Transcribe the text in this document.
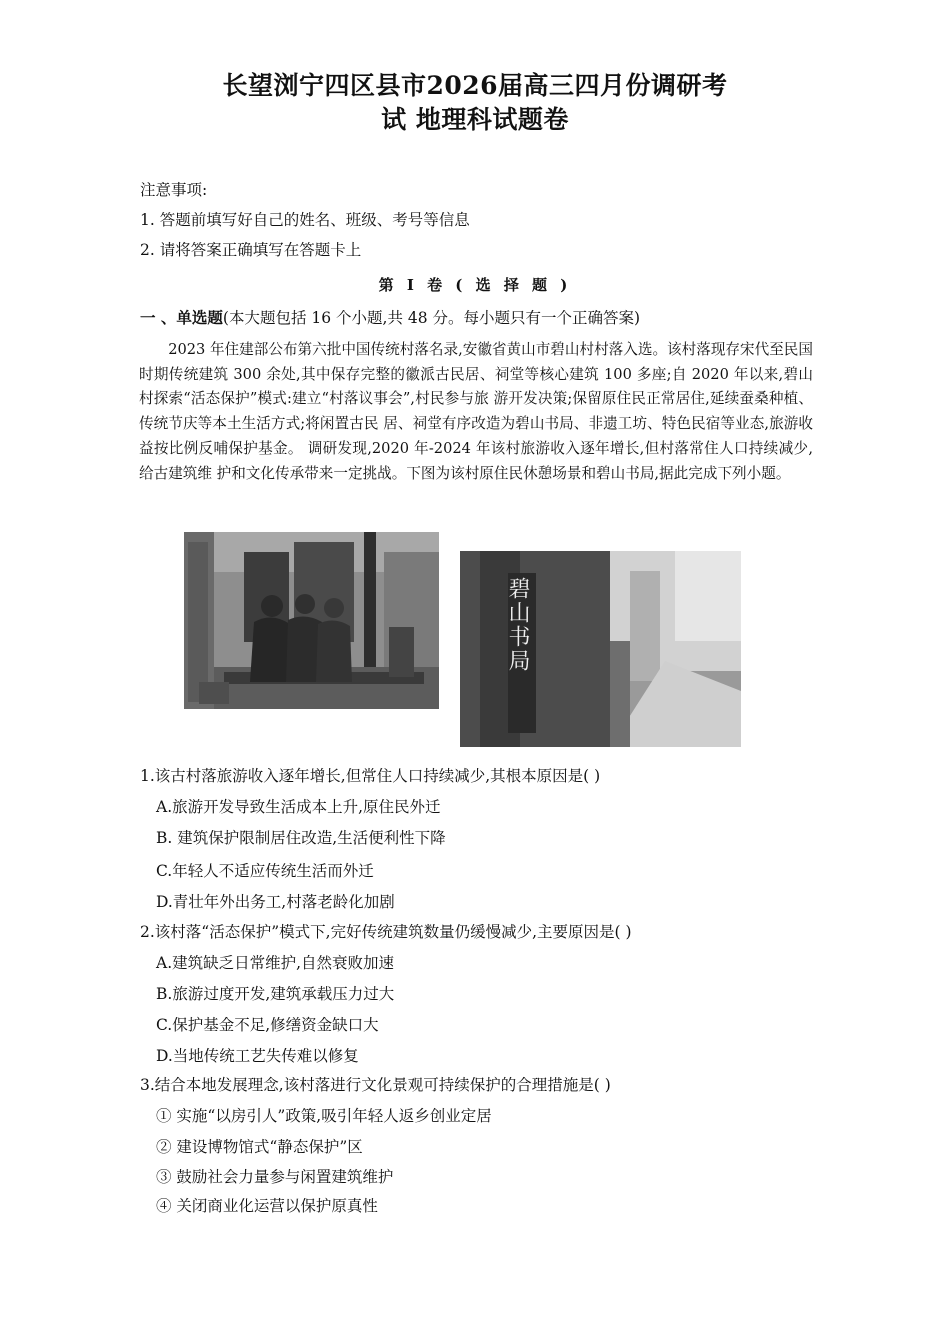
长望浏宁四区县市2026届高三四月份调研考
试 地理科试题卷
注意事项:
1. 答题前填写好自己的姓名、班级、考号等信息
2. 请将答案正确填写在答题卡上
第 I 卷 ( 选 择 题 )
一 、单选题(本大题包括 16 个小题,共 48 分。每小题只有一个正确答案)
2023 年住建部公布第六批中国传统村落名录,安徽省黄山市碧山村村落入选。该村落现存宋代至民国时期传统建筑 300 余处,其中保存完整的徽派古民居、祠堂等核心建筑 100 多座;自 2020 年以来,碧山村探索“活态保护”模式:建立“村落议事会”,村民参与旅 游开发决策;保留原住民正常居住,延续蚕桑种植、传统节庆等本土生活方式;将闲置古民 居、祠堂有序改造为碧山书局、非遗工坊、特色民宿等业态,旅游收益按比例反哺保护基金。 调研发现,2020 年-2024 年该村旅游收入逐年增长,但村落常住人口持续减少,给古建筑维 护和文化传承带来一定挑战。下图为该村原住民休憩场景和碧山书局,据此完成下列小题。
碧山书局
1.该古村落旅游收入逐年增长,但常住人口持续减少,其根本原因是( )
A.旅游开发导致生活成本上升,原住民外迁
B. 建筑保护限制居住改造,生活便利性下降
C.年轻人不适应传统生活而外迁
D.青壮年外出务工,村落老龄化加剧
2.该村落“活态保护”模式下,完好传统建筑数量仍缓慢减少,主要原因是( )
A.建筑缺乏日常维护,自然衰败加速
B.旅游过度开发,建筑承载压力过大
C.保护基金不足,修缮资金缺口大
D.当地传统工艺失传难以修复
3.结合本地发展理念,该村落进行文化景观可持续保护的合理措施是( )
① 实施“以房引人”政策,吸引年轻人返乡创业定居
② 建设博物馆式“静态保护”区
③ 鼓励社会力量参与闲置建筑维护
④ 关闭商业化运营以保护原真性
